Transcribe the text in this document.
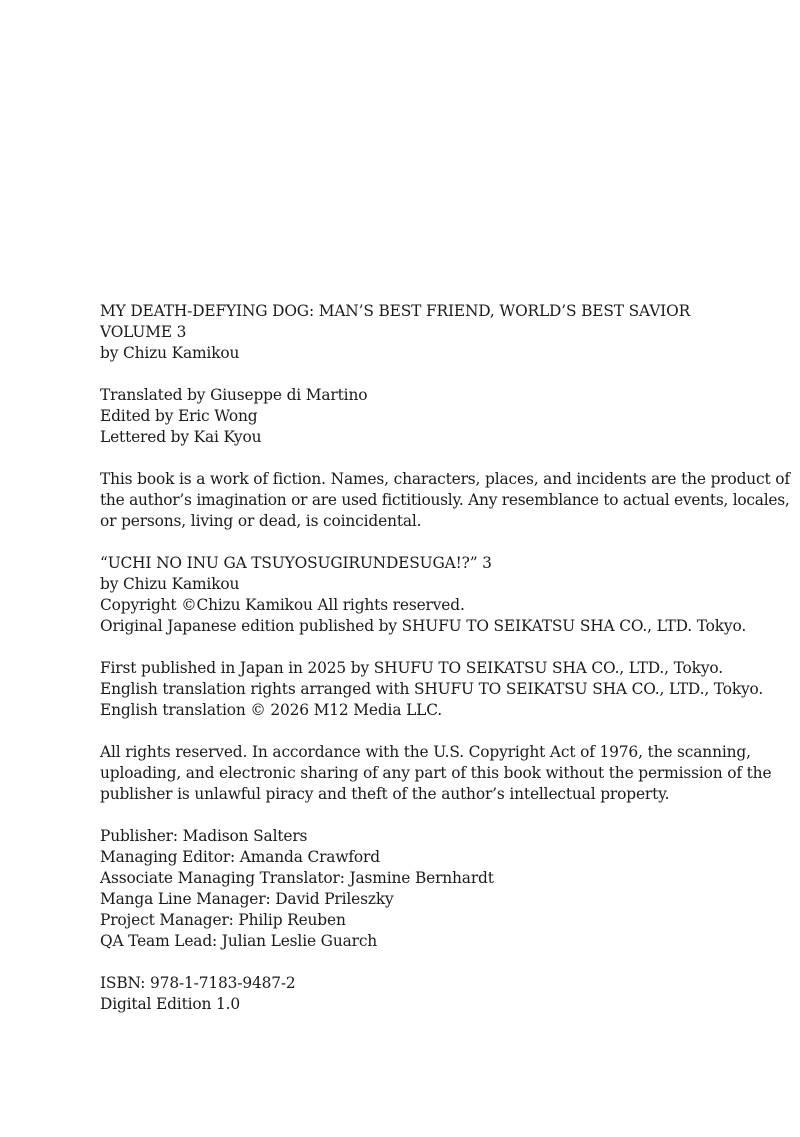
MY DEATH-DEFYING DOG: MAN’S BEST FRIEND, WORLD’S BEST SAVIOR
VOLUME 3
by Chizu Kamikou
Translated by Giuseppe di Martino
Edited by Eric Wong
Lettered by Kai Kyou
This book is a work of fiction. Names, characters, places, and incidents are the product of
the author’s imagination or are used fictitiously. Any resemblance to actual events, locales,
or persons, living or dead, is coincidental.
“UCHI NO INU GA TSUYOSUGIRUNDESUGA!?” 3
by Chizu Kamikou
Copyright ©Chizu Kamikou All rights reserved.
Original Japanese edition published by SHUFU TO SEIKATSU SHA CO., LTD. Tokyo.
First published in Japan in 2025 by SHUFU TO SEIKATSU SHA CO., LTD., Tokyo.
English translation rights arranged with SHUFU TO SEIKATSU SHA CO., LTD., Tokyo.
English translation © 2026 M12 Media LLC.
All rights reserved. In accordance with the U.S. Copyright Act of 1976, the scanning,
uploading, and electronic sharing of any part of this book without the permission of the
publisher is unlawful piracy and theft of the author’s intellectual property.
Publisher: Madison Salters
Managing Editor: Amanda Crawford
Associate Managing Translator: Jasmine Bernhardt
Manga Line Manager: David Prileszky
Project Manager: Philip Reuben
QA Team Lead: Julian Leslie Guarch
ISBN: 978-1-7183-9487-2
Digital Edition 1.0
